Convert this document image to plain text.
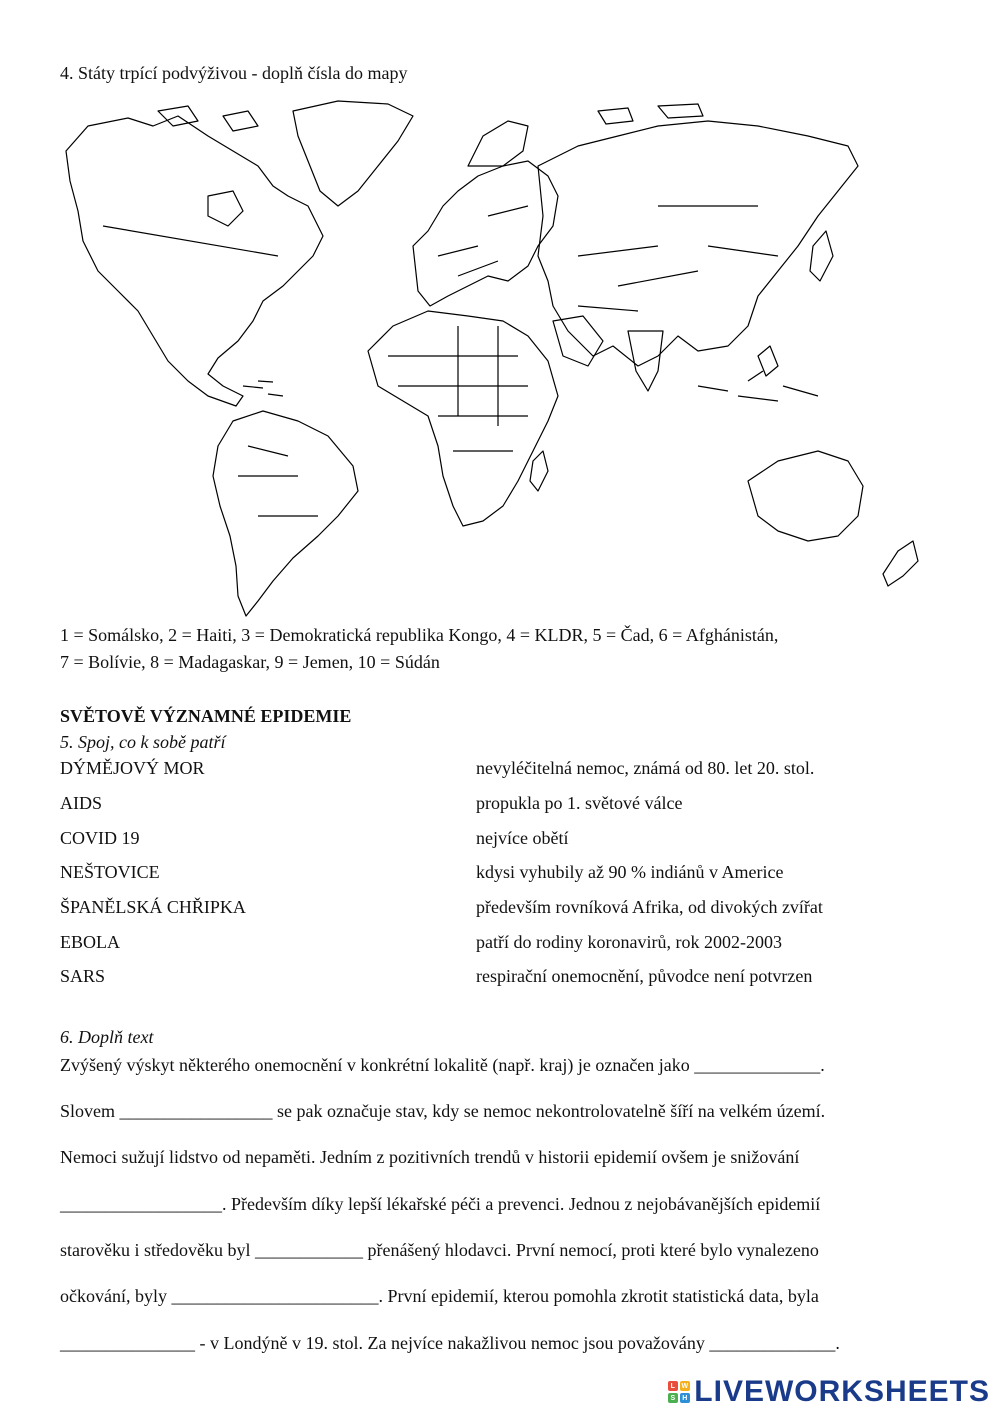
4. Státy trpící podvýživou - doplň čísla do mapy
1 = Somálsko, 2 = Haiti, 3 = Demokratická republika Kongo, 4 = KLDR, 5 = Čad, 6 = Afghánistán,
7 = Bolívie, 8 = Madagaskar, 9 = Jemen, 10 = Súdán
SVĚTOVĚ VÝZNAMNÉ EPIDEMIE
5. Spoj, co k sobě patří
DÝMĚJOVÝ MOR
AIDS
COVID 19
NEŠTOVICE
ŠPANĚLSKÁ CHŘIPKA
EBOLA
SARS
nevyléčitelná nemoc, známá od 80. let 20. stol.
propukla po 1. světové válce
nejvíce obětí
kdysi vyhubily až 90 % indiánů v Americe
především rovníková Afrika, od divokých zvířat
patří do rodiny koronavirů, rok 2002-2003
respirační onemocnění, původce není potvrzen
6. Doplň text
Zvýšený výskyt některého onemocnění v konkrétní lokalitě (např. kraj) je označen jako ______________.
Slovem _________________ se pak označuje stav, kdy se nemoc nekontrolovatelně šíří na velkém území.
Nemoci sužují lidstvo od nepaměti. Jedním z pozitivních trendů v historii epidemií ovšem je snižování
__________________. Především díky lepší lékařské péči a prevenci. Jednou z nejobávanějších epidemií
starověku i středověku byl ____________ přenášený hlodavci. První nemocí, proti které bylo vynalezeno
očkování, byly _______________________. První epidemií, kterou pomohla zkrotit statistická data, byla
_______________ - v Londýně v 19. stol. Za nejvíce nakažlivou nemoc jsou považovány ______________.
L W
S H LIVEWORKSHEETS
